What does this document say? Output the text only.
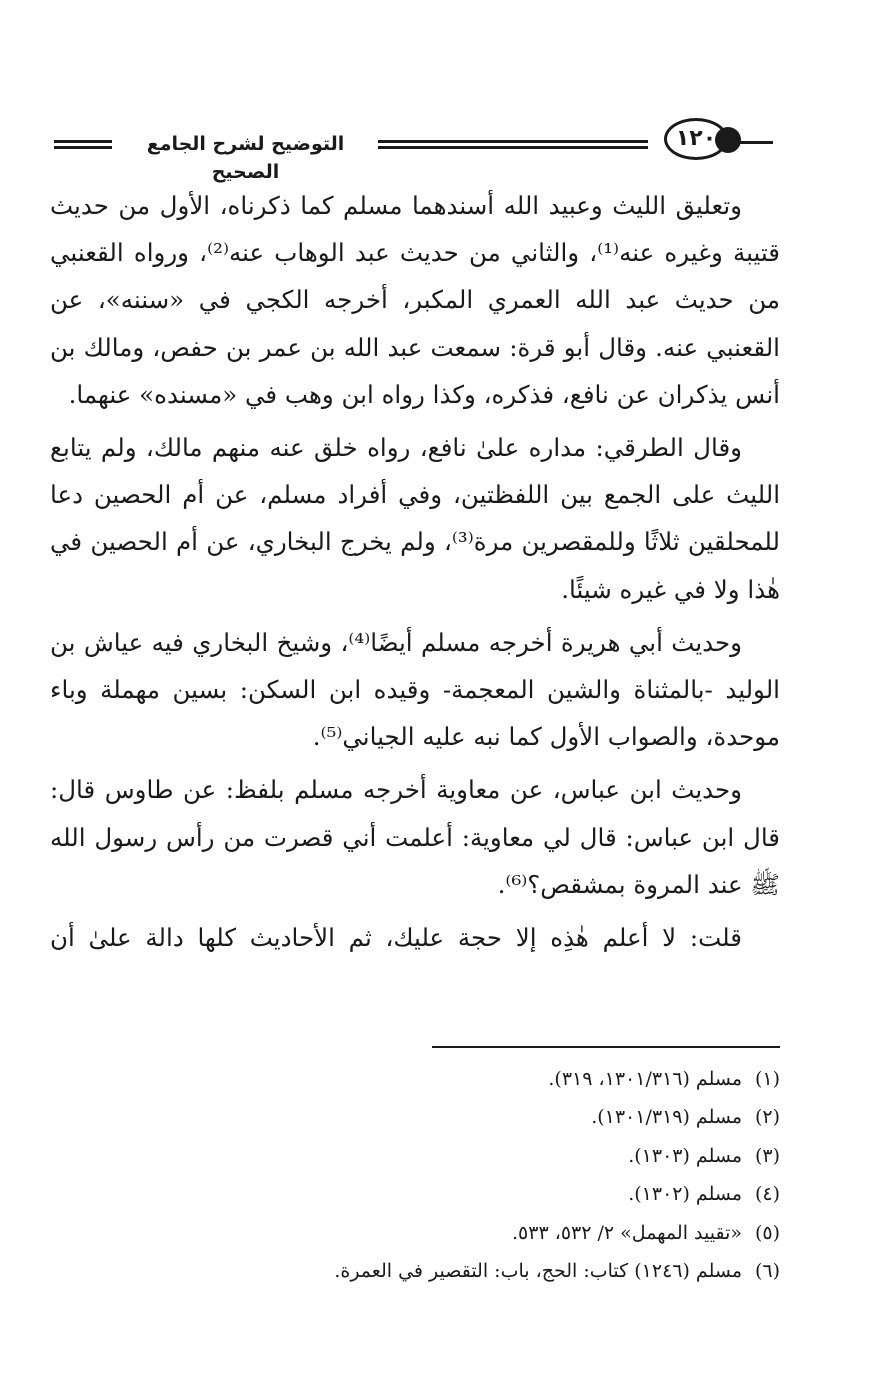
التوضيح لشرح الجامع الصحيح
١٢٠

وتعليق الليث وعبيد الله أسندهما مسلم كما ذكرناه، الأول من حديث قتيبة وغيره عنه⁽¹⁾، والثاني من حديث عبد الوهاب عنه⁽²⁾، ورواه القعنبي من حديث عبد الله العمري المكبر، أخرجه الكجي في «سننه»، عن القعنبي عنه. وقال أبو قرة: سمعت عبد الله بن عمر بن حفص، ومالك بن أنس يذكران عن نافع، فذكره، وكذا رواه ابن وهب في «مسنده» عنهما.

وقال الطرقي: مداره علىٰ نافع، رواه خلق عنه منهم مالك، ولم يتابع الليث على الجمع بين اللفظتين، وفي أفراد مسلم، عن أم الحصين دعا للمحلقين ثلاثًا وللمقصرين مرة⁽³⁾، ولم يخرج البخاري، عن أم الحصين في هٰذا ولا في غيره شيئًا.

وحديث أبي هريرة أخرجه مسلم أيضًا⁽⁴⁾، وشيخ البخاري فيه عياش بن الوليد -بالمثناة والشين المعجمة- وقيده ابن السكن: بسين مهملة وباء موحدة، والصواب الأول كما نبه عليه الجياني⁽⁵⁾.

وحديث ابن عباس، عن معاوية أخرجه مسلم بلفظ: عن طاوس قال: قال ابن عباس: قال لي معاوية: أعلمت أني قصرت من رأس رسول الله ﷺ عند المروة بمشقص؟⁽⁶⁾.

قلت: لا أعلم هٰذِه إلا حجة عليك، ثم الأحاديث كلها دالة علىٰ أن

(١)
مسلم (١٣٠١/٣١٦، ٣١٩).
(٢)
مسلم (١٣٠١/٣١٩).
(٣)
مسلم (١٣٠٣).
(٤)
مسلم (١٣٠٢).
(٥)
«تقييد المهمل» ٢/ ٥٣٢، ٥٣٣.
(٦)
مسلم (١٢٤٦) كتاب: الحج، باب: التقصير في العمرة.
